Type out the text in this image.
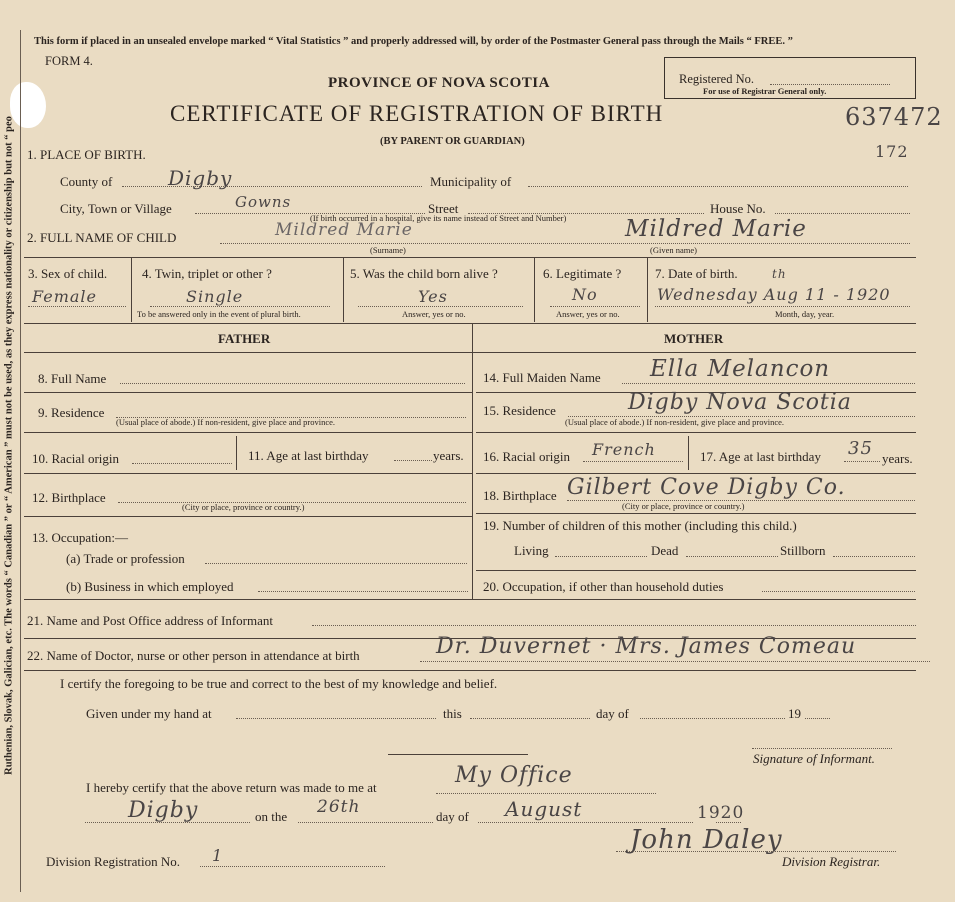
Ruthenian, Slovak, Galician, etc. The words “ Canadian ” or “ American ” must not be used, as they express nationality or citizenship but not “ peo
This form if placed in an unsealed envelope marked “ Vital Statistics ” and properly addressed will, by order of the Postmaster General pass through the Mails “ FREE. ”
FORM 4.
PROVINCE OF NOVA SCOTIA
CERTIFICATE OF REGISTRATION OF BIRTH
(BY PARENT OR GUARDIAN)
Registered No.
For use of Registrar General only.
637472
172
1. PLACE OF BIRTH.
County of	Digby	Municipality of
City, Town or Village	Gowns	Street	House No.
(If birth occurred in a hospital, give its name instead of Street and Number)
2. FULL NAME OF CHILD	Mildred Marie
(Surname)
Mildred Marie
(Given name)
3. Sex of child.
Female
4. Twin, triplet or other ?
Single
To be answered only in the event of plural birth.
5. Was the child born alive ?
Yes
Answer, yes or no.
6. Legitimate ?
No
Answer, yes or no.
7. Date of birth.
Wednesday Aug 11 - 1920
th
Month, day, year.
FATHER	MOTHER
8. Full Name
9. Residence
(Usual place of abode.) If non-resident, give place and province.
10. Racial origin	11. Age at last birthday	years.
12. Birthplace
(City or place, province or country.)
13. Occupation:—
(a) Trade or profession
(b) Business in which employed
14. Full Maiden Name Ella Melancon
15. Residence	Digby Nova Scotia
(Usual place of abode.) If non-resident, give place and province.
16. Racial origin French	17. Age at last birthday 35 years.
18. Birthplace Gilbert Cove Digby Co.
(City or place, province or country.)
19. Number of children of this mother (including this child.)
Living	Dead	Stillborn
20. Occupation, if other than household duties
21. Name and Post Office address of Informant
22. Name of Doctor, nurse or other person in attendance at birth	Dr. Duvernet · Mrs. James Comeau
I certify the foregoing to be true and correct to the best of my knowledge and belief.
Given under my hand at	this	day of	19
Signature of Informant.
I hereby certify that the above return was made to me at	My Office
Digby	on the 26th	day of August	1920
Division Registration No. 1
John Daley
Division Registrar.
